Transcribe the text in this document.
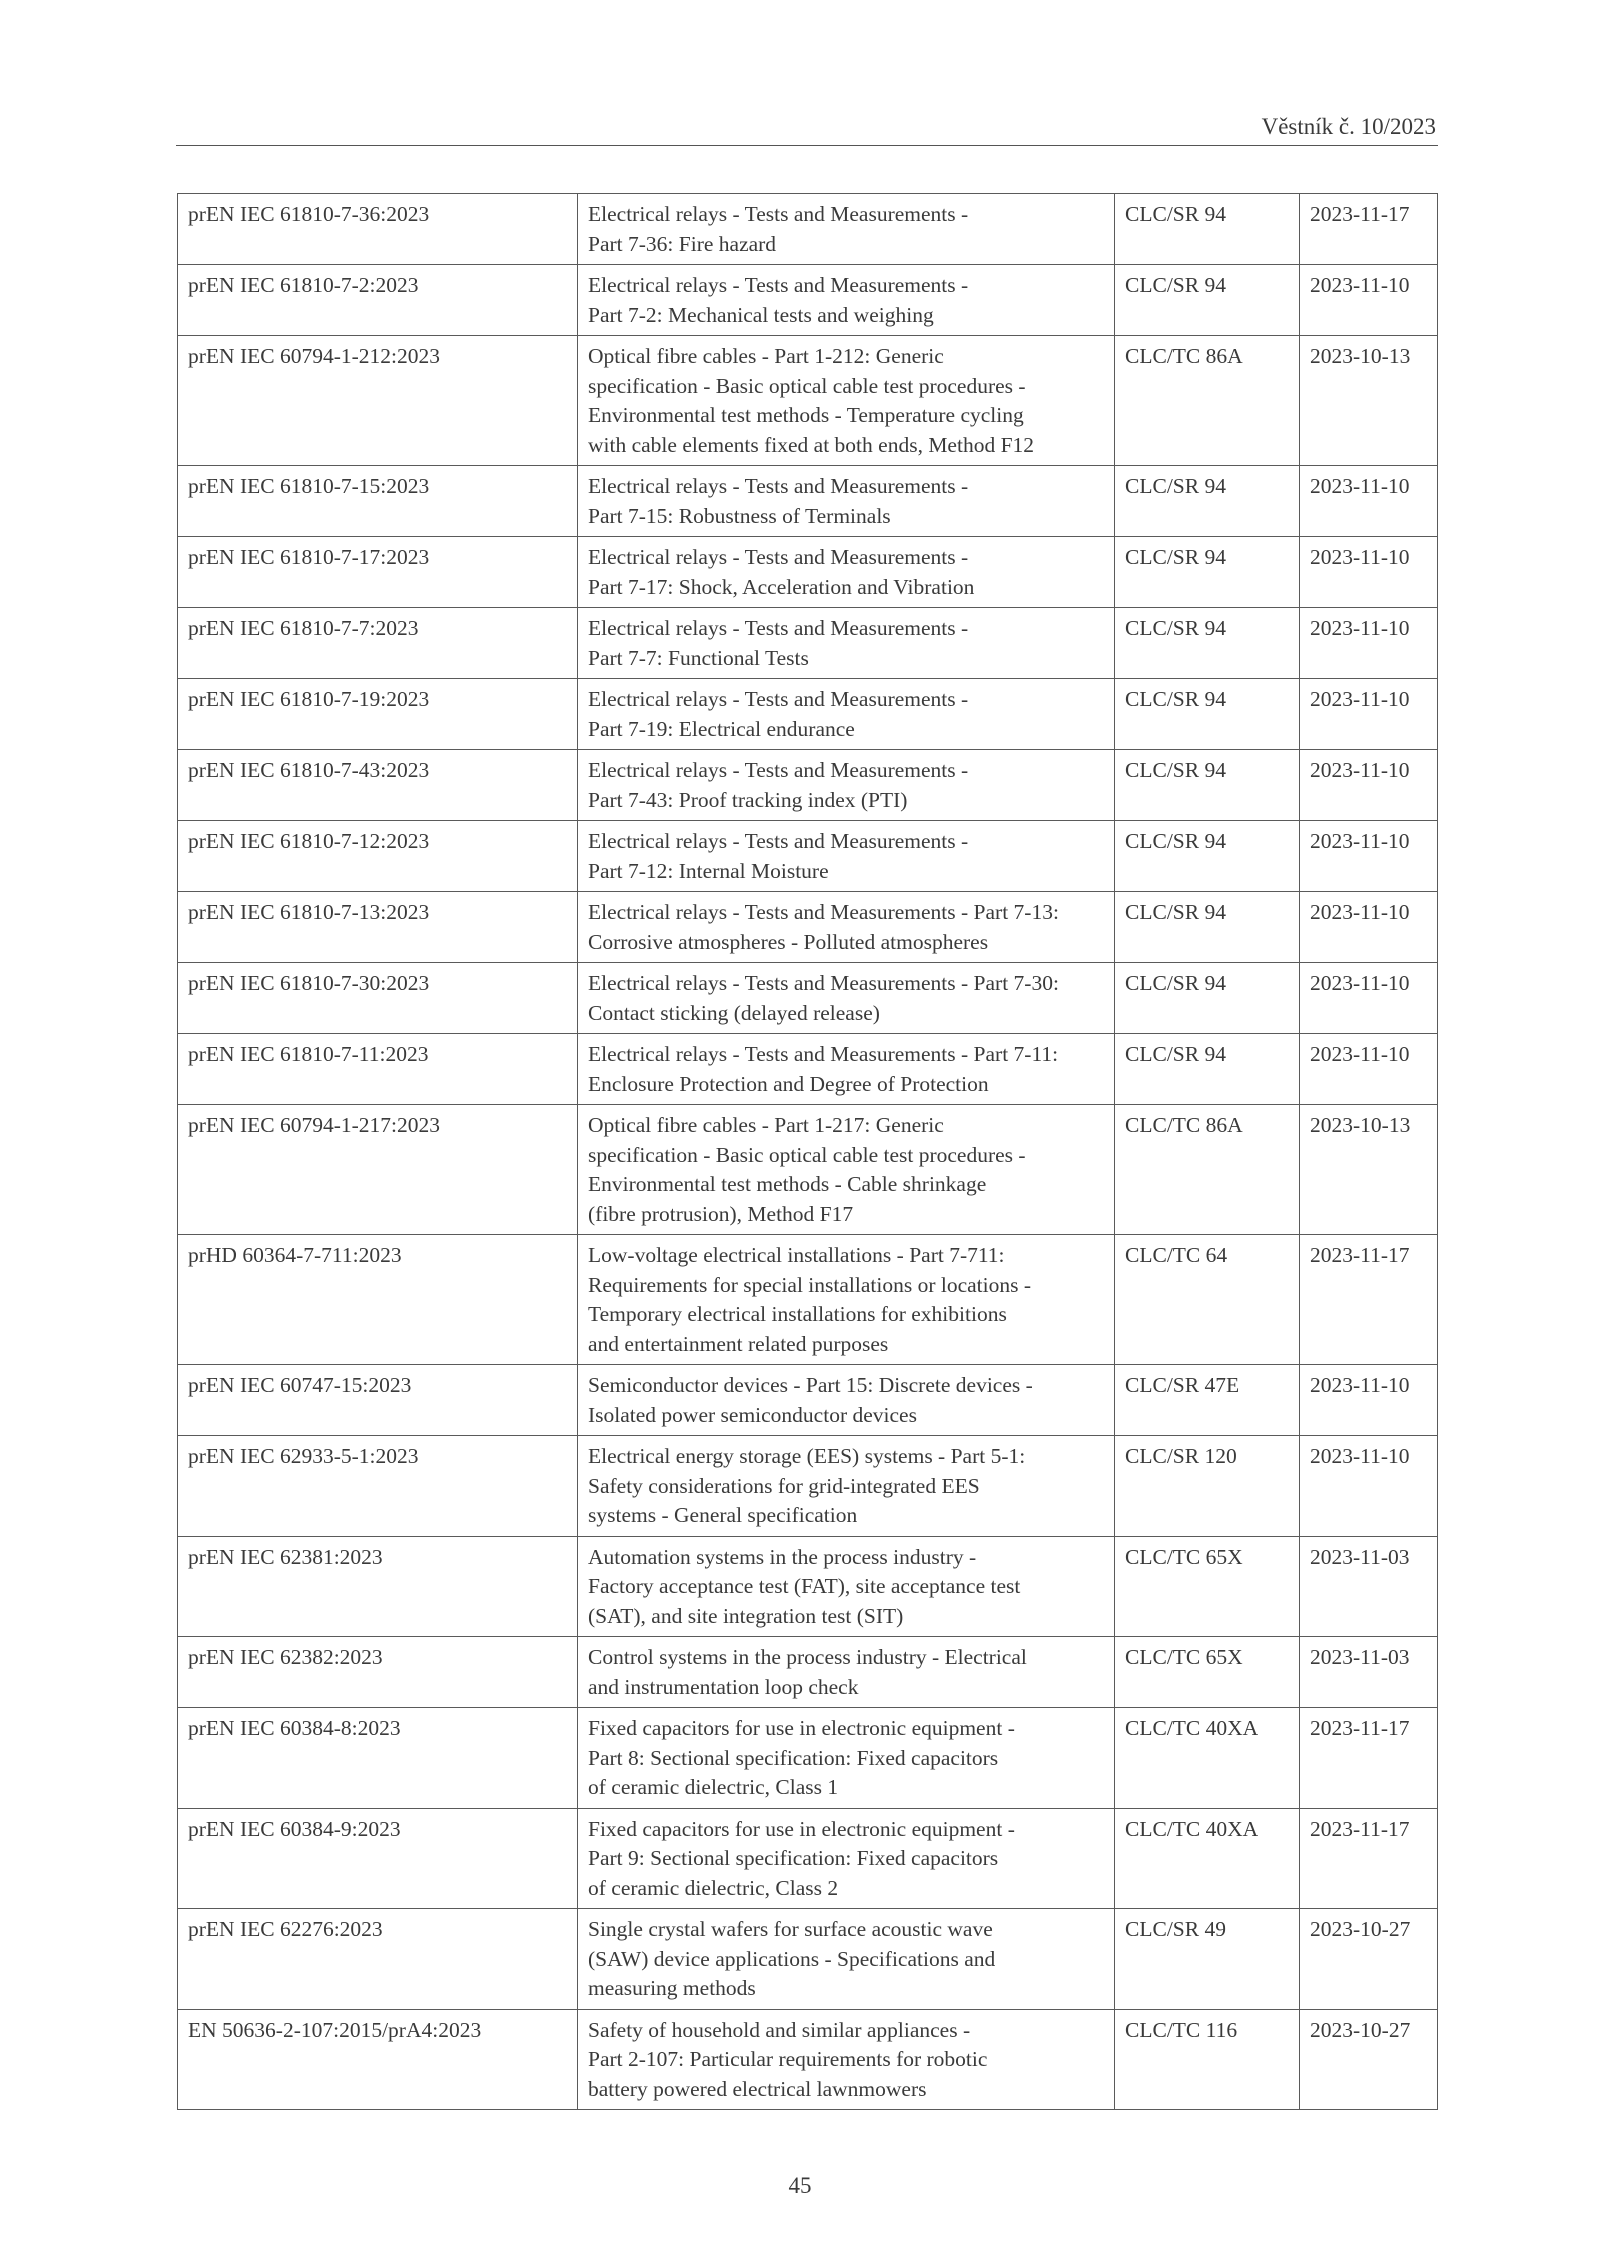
Věstník č. 10/2023
prEN IEC 61810-7-36:2023	Electrical relays - Tests and Measurements -
Part 7-36: Fire hazard	CLC/SR 94	2023-11-17
prEN IEC 61810-7-2:2023	Electrical relays - Tests and Measurements -
Part 7-2: Mechanical tests and weighing	CLC/SR 94	2023-11-10
prEN IEC 60794-1-212:2023	Optical fibre cables - Part 1-212: Generic
specification - Basic optical cable test procedures -
Environmental test methods - Temperature cycling
with cable elements fixed at both ends, Method F12	CLC/TC 86A	2023-10-13
prEN IEC 61810-7-15:2023	Electrical relays - Tests and Measurements -
Part 7-15: Robustness of Terminals	CLC/SR 94	2023-11-10
prEN IEC 61810-7-17:2023	Electrical relays - Tests and Measurements -
Part 7-17: Shock, Acceleration and Vibration	CLC/SR 94	2023-11-10
prEN IEC 61810-7-7:2023	Electrical relays - Tests and Measurements -
Part 7-7: Functional Tests	CLC/SR 94	2023-11-10
prEN IEC 61810-7-19:2023	Electrical relays - Tests and Measurements -
Part 7-19: Electrical endurance	CLC/SR 94	2023-11-10
prEN IEC 61810-7-43:2023	Electrical relays - Tests and Measurements -
Part 7-43: Proof tracking index (PTI)	CLC/SR 94	2023-11-10
prEN IEC 61810-7-12:2023	Electrical relays - Tests and Measurements -
Part 7-12: Internal Moisture	CLC/SR 94	2023-11-10
prEN IEC 61810-7-13:2023	Electrical relays - Tests and Measurements - Part 7-13:
Corrosive atmospheres - Polluted atmospheres	CLC/SR 94	2023-11-10
prEN IEC 61810-7-30:2023	Electrical relays - Tests and Measurements - Part 7-30:
Contact sticking (delayed release)	CLC/SR 94	2023-11-10
prEN IEC 61810-7-11:2023	Electrical relays - Tests and Measurements - Part 7-11:
Enclosure Protection and Degree of Protection	CLC/SR 94	2023-11-10
prEN IEC 60794-1-217:2023	Optical fibre cables - Part 1-217: Generic
specification - Basic optical cable test procedures -
Environmental test methods - Cable shrinkage
(fibre protrusion), Method F17	CLC/TC 86A	2023-10-13
prHD 60364-7-711:2023	Low-voltage electrical installations - Part 7-711:
Requirements for special installations or locations -
Temporary electrical installations for exhibitions
and entertainment related purposes	CLC/TC 64	2023-11-17
prEN IEC 60747-15:2023	Semiconductor devices - Part 15: Discrete devices -
Isolated power semiconductor devices	CLC/SR 47E	2023-11-10
prEN IEC 62933-5-1:2023	Electrical energy storage (EES) systems - Part 5-1:
Safety considerations for grid-integrated EES
systems - General specification	CLC/SR 120	2023-11-10
prEN IEC 62381:2023	Automation systems in the process industry -
Factory acceptance test (FAT), site acceptance test
(SAT), and site integration test (SIT)	CLC/TC 65X	2023-11-03
prEN IEC 62382:2023	Control systems in the process industry - Electrical
and instrumentation loop check	CLC/TC 65X	2023-11-03
prEN IEC 60384-8:2023	Fixed capacitors for use in electronic equipment -
Part 8: Sectional specification: Fixed capacitors
of ceramic dielectric, Class 1	CLC/TC 40XA	2023-11-17
prEN IEC 60384-9:2023	Fixed capacitors for use in electronic equipment -
Part 9: Sectional specification: Fixed capacitors
of ceramic dielectric, Class 2	CLC/TC 40XA	2023-11-17
prEN IEC 62276:2023	Single crystal wafers for surface acoustic wave
(SAW) device applications - Specifications and
measuring methods	CLC/SR 49	2023-10-27
EN 50636-2-107:2015/prA4:2023	Safety of household and similar appliances -
Part 2-107: Particular requirements for robotic
battery powered electrical lawnmowers	CLC/TC 116	2023-10-27
45
